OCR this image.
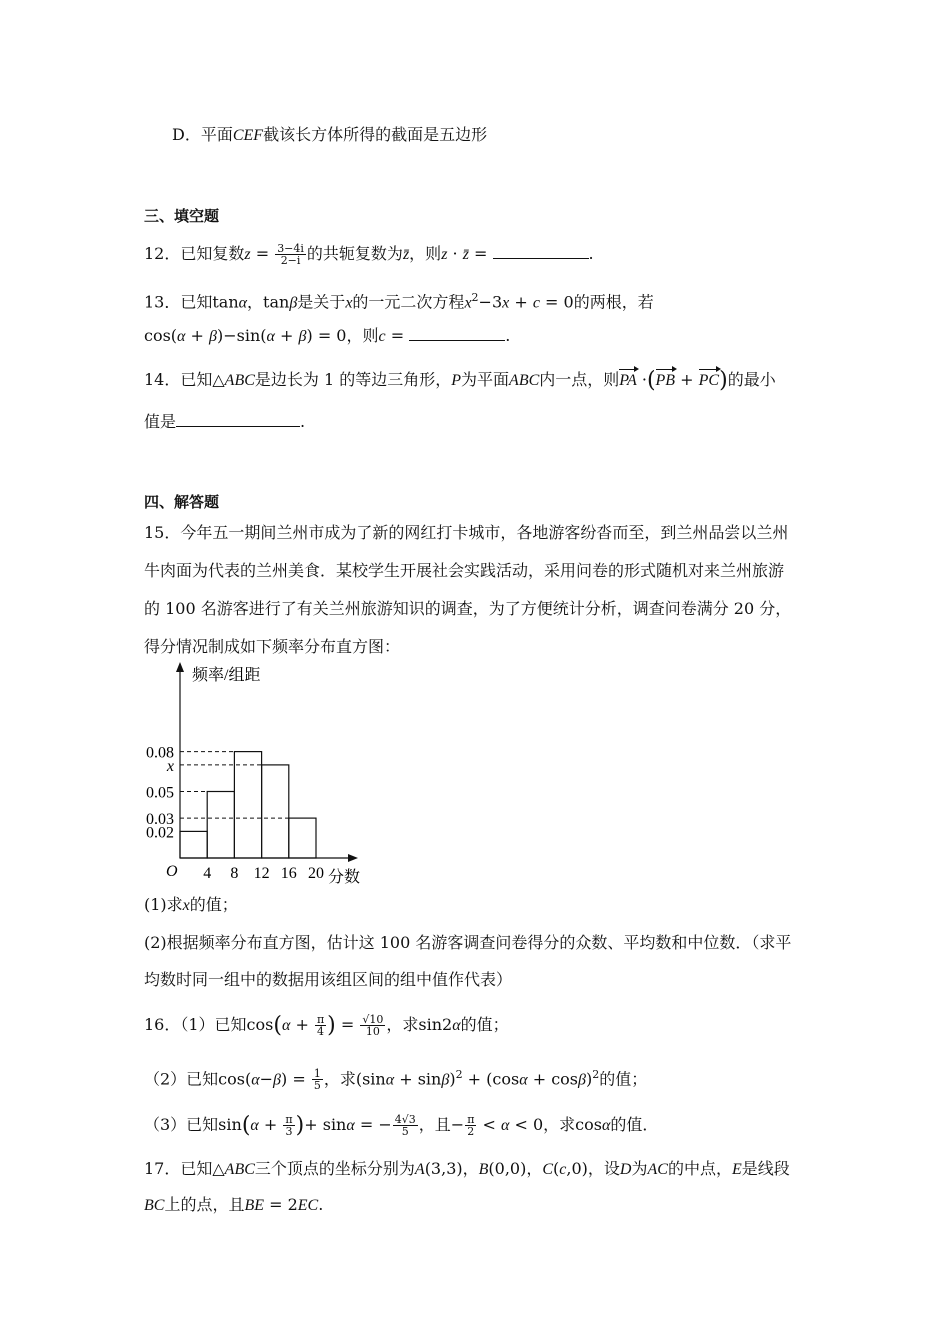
D．平面CEF截该长方体所得的截面是五边形
三、填空题
12．已知复数$z = \frac{3-4i}{2-i}$ 的共轭复数为z̄，则z · z̄ =	.
13．已知tanα，tanβ是关于x的一元二次方程$x^2-3x + c = 0$的两根，若
cos(α + β)−sin(α + β) = 0，则c =	.
14．已知△ABC是边长为 1 的等边三角形，P为平面ABC内一点，则PA ·(PB + PC)的最小
值是	.
四、解答题
15．今年五一期间兰州市成为了新的网红打卡城市，各地游客纷沓而至，到兰州品尝以兰州
牛肉面为代表的兰州美食．某校学生开展社会实践活动，采用问卷的形式随机对来兰州旅游
的 100 名游客进行了有关兰州旅游知识的调查，为了方便统计分析，调查问卷满分 20 分，
得分情况制成如下频率分布直方图：
频率/组距
分数
O 4 8 12 16 20
0.08
x
0.05
0.03
0.02
(1)求x的值；
(2)根据频率分布直方图，估计这 100 名游客调查问卷得分的众数、平均数和中位数．（求平
均数时同一组中的数据用该组区间的组中值作代表）
16．（1）已知$\cos(\alpha + \frac{\pi}{4}$ ) = $\frac{√10}{10}$ ，求sin2α的值；
（2）已知$\cos(\alpha-\beta) = \frac{1}{5}$ ，求$(\sin\alpha + \sin\beta)^2 + (\cos\alpha + \cos\beta)^2$的值；
（3）已知$\sin(\alpha + \frac{\pi}{3}$ )+ sinα = − $\frac{4√3}{5}$ ，且− $\frac{\pi}{2} < \alpha < 0$，求cosα的值．
17．已知△ABC三个顶点的坐标分别为A(3,3)，B(0,0)，C(c,0)，设D为AC的中点，E是线段
BC上的点，且BE = 2EC.
